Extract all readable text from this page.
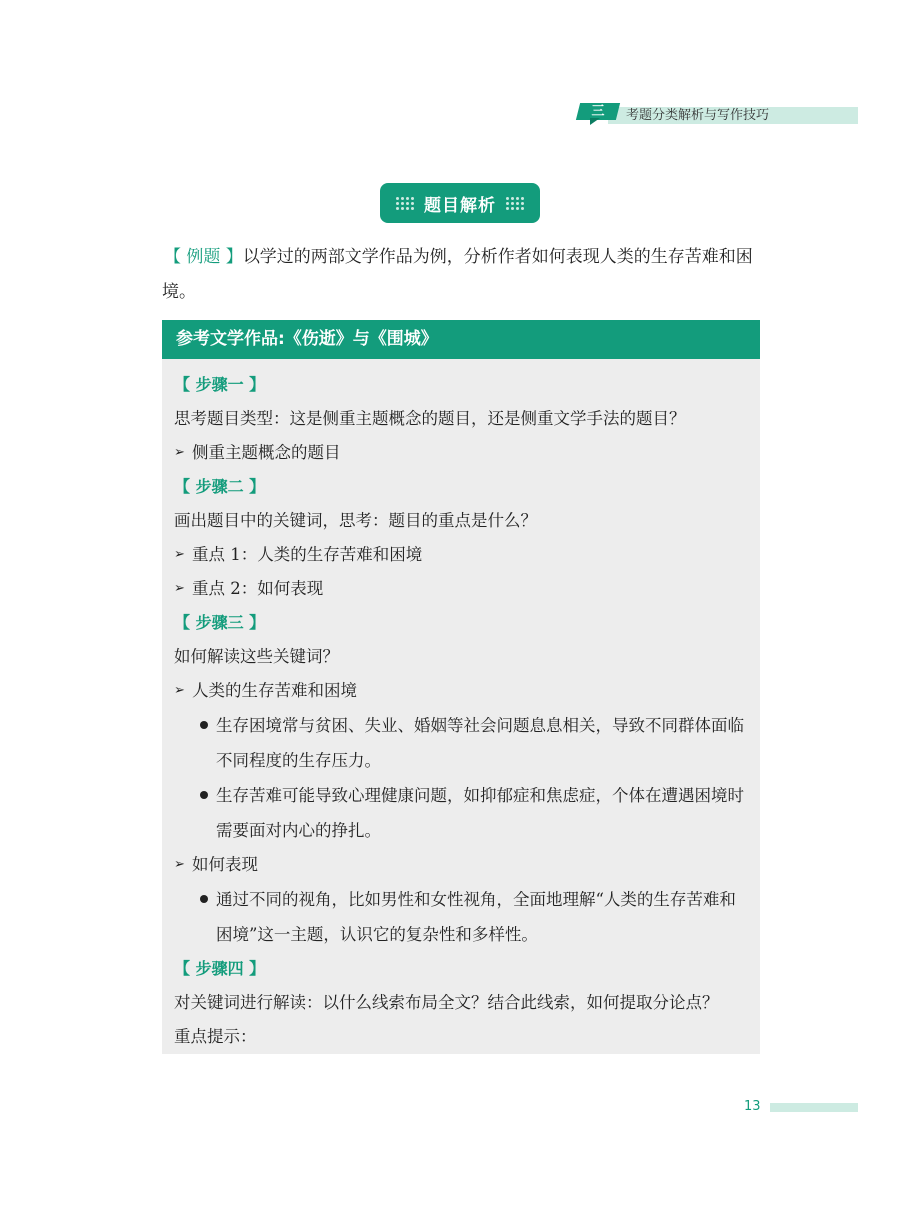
三	考题分类解析与写作技巧
题目解析
【 例题 】以学过的两部文学作品为例，分析作者如何表现人类的生存苦难和困境。
参考文学作品:《伤逝》与《围城》
【 步骤一 】
思考题目类型：这是侧重主题概念的题目，还是侧重文学手法的题目？
➢ 侧重主题概念的题目
【 步骤二 】
画出题目中的关键词，思考：题目的重点是什么？
➢ 重点 1：人类的生存苦难和困境
➢ 重点 2：如何表现
【 步骤三 】
如何解读这些关键词？
➢ 人类的生存苦难和困境
生存困境常与贫困、失业、婚姻等社会问题息息相关，导致不同群体面临不同程度的生存压力。
生存苦难可能导致心理健康问题，如抑郁症和焦虑症，个体在遭遇困境时需要面对内心的挣扎。
➢ 如何表现
通过不同的视角，比如男性和女性视角，全面地理解“人类的生存苦难和困境”这一主题，认识它的复杂性和多样性。
【 步骤四 】
对关键词进行解读：以什么线索布局全文？结合此线索，如何提取分论点？
重点提示：
13
